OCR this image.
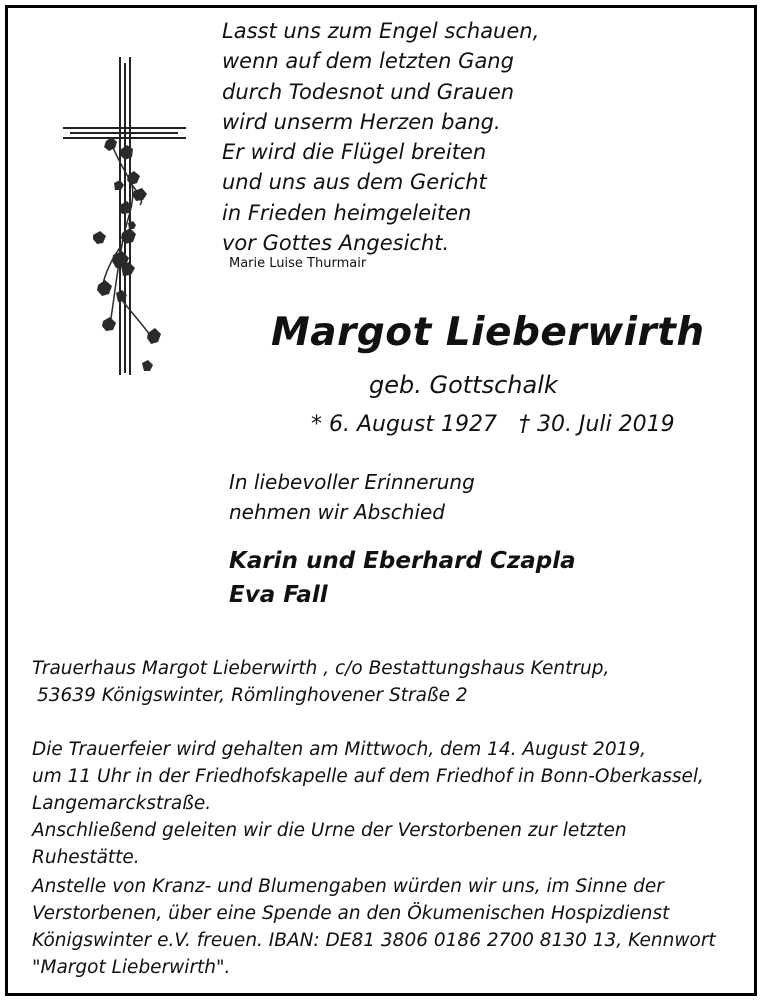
Lasst uns zum Engel schauen,
wenn auf dem letzten Gang
durch Todesnot und Grauen
wird unserm Herzen bang.
Er wird die Flügel breiten
und uns aus dem Gericht
in Frieden heimgeleiten
vor Gottes Angesicht.
Marie Luise Thurmair
Margot Lieberwirth
geb. Gottschalk
* 6. August 1927 † 30. Juli 2019
In liebevoller Erinnerung
nehmen wir Abschied
Karin und Eberhard Czapla
Eva Fall
Trauerhaus Margot Lieberwirth , c/o Bestattungshaus Kentrup,
53639 Königswinter, Römlinghovener Straße 2
Die Trauerfeier wird gehalten am Mittwoch, dem 14. August 2019,
um 11 Uhr in der Friedhofskapelle auf dem Friedhof in Bonn-Oberkassel,
Langemarckstraße.
Anschließend geleiten wir die Urne der Verstorbenen zur letzten
Ruhestätte.
Anstelle von Kranz- und Blumengaben würden wir uns, im Sinne der
Verstorbenen, über eine Spende an den Ökumenischen Hospizdienst
Königswinter e.V. freuen. IBAN: DE81 3806 0186 2700 8130 13, Kennwort
"Margot Lieberwirth".
